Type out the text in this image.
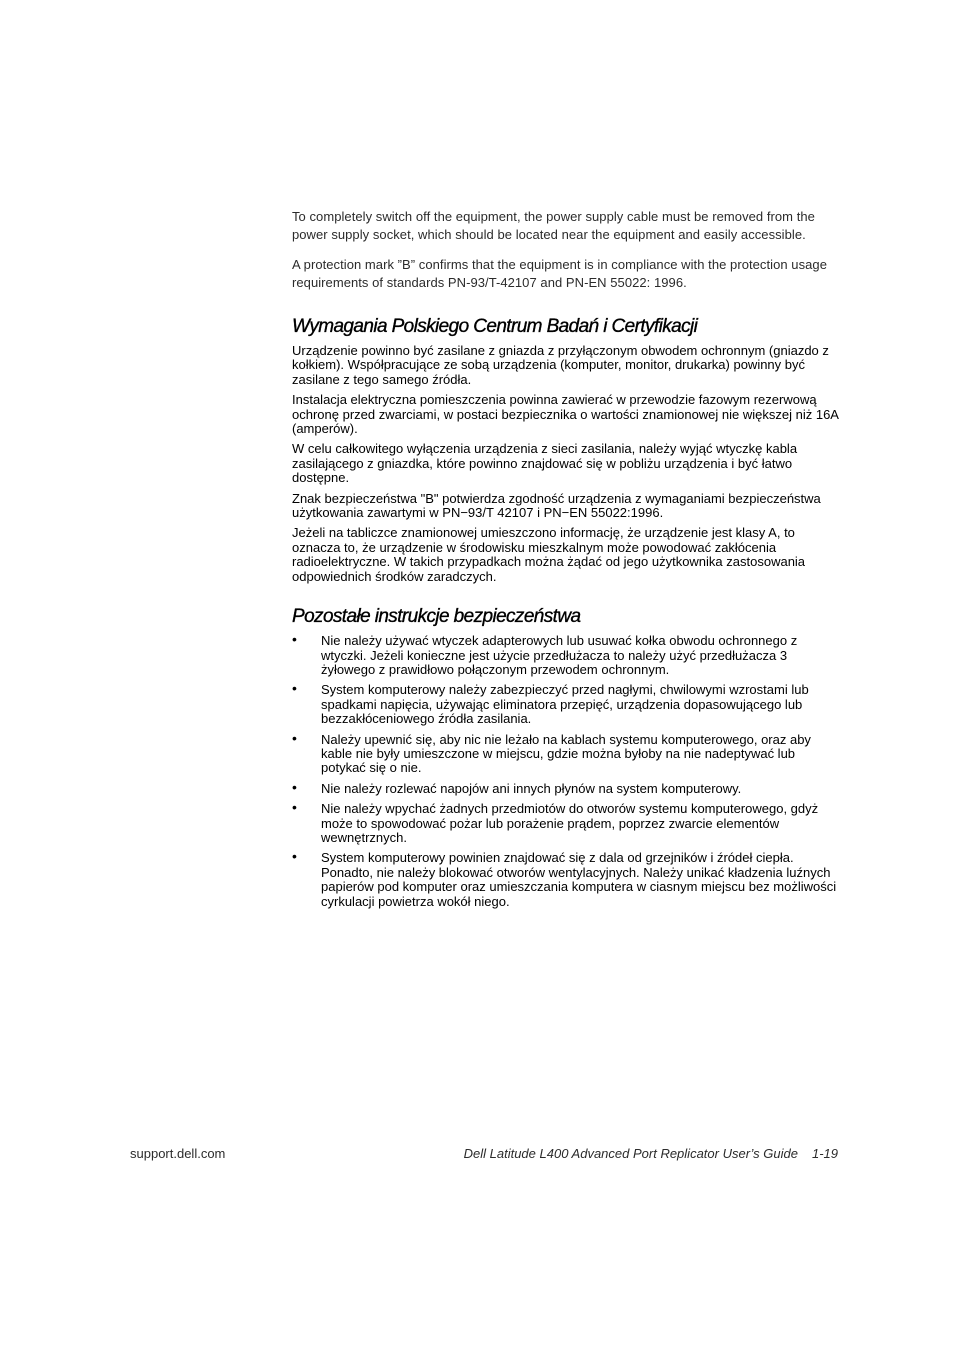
To completely switch off the equipment, the power supply cable must be removed from the power supply socket, which should be located near the equipment and easily accessible.

A protection mark ”B” confirms that the equipment is in compliance with the protection usage requirements of standards PN-93/T-42107 and PN-EN 55022: 1996.

Wymagania Polskiego Centrum Badań i Certyfikacji

Urządzenie powinno być zasilane z gniazda z przyłączonym obwodem ochronnym (gniazdo z kołkiem). Współpracujące ze sobą urządzenia (komputer, monitor, drukarka) powinny być zasilane z tego samego źródła.

Instalacja elektryczna pomieszczenia powinna zawierać w przewodzie fazowym rezerwową ochronę przed zwarciami, w postaci bezpiecznika o wartości znamionowej nie większej niż 16A (amperów).

W celu całkowitego wyłączenia urządzenia z sieci zasilania, należy wyjąć wtyczkę kabla zasilającego z gniazdka, które powinno znajdować się w pobliżu urządzenia i być łatwo dostępne.

Znak bezpieczeństwa "B" potwierdza zgodność urządzenia z wymaganiami bezpieczeństwa użytkowania zawartymi w PN−93/T 42107 i PN−EN 55022:1996.

Jeżeli na tabliczce znamionowej umieszczono informację, że urządzenie jest klasy A, to oznacza to, że urządzenie w środowisku mieszkalnym może powodować zakłócenia radioelektryczne. W takich przypadkach można żądać od jego użytkownika zastosowania odpowiednich środków zaradczych.

Pozostałe instrukcje bezpieczeństwa
• Nie należy używać wtyczek adapterowych lub usuwać kołka obwodu ochronnego z wtyczki. Jeżeli konieczne jest użycie przedłużacza to należy użyć przedłużacza 3 żyłowego z prawidłowo połączonym przewodem ochronnym.
• System komputerowy należy zabezpieczyć przed nagłymi, chwilowymi wzrostami lub spadkami napięcia, używając eliminatora przepięć, urządzenia dopasowującego lub bezzakłóceniowego źródła zasilania.
• Należy upewnić się, aby nic nie leżało na kablach systemu komputerowego, oraz aby kable nie były umieszczone w miejscu, gdzie można byłoby na nie nadeptywać lub potykać się o nie.
• Nie należy rozlewać napojów ani innych płynów na system komputerowy.
• Nie należy wpychać żadnych przedmiotów do otworów systemu komputerowego, gdyż może to spowodować pożar lub porażenie prądem, poprzez zwarcie elementów wewnętrznych.
• System komputerowy powinien znajdować się z dala od grzejników i źródeł ciepła. Ponadto, nie należy blokować otworów wentylacyjnych. Należy unikać kładzenia luźnych papierów pod komputer oraz umieszczania komputera w ciasnym miejscu bez możliwości cyrkulacji powietrza wokół niego.
support.dell.com	Dell Latitude L400 Advanced Port Replicator User’s Guide 1-19
